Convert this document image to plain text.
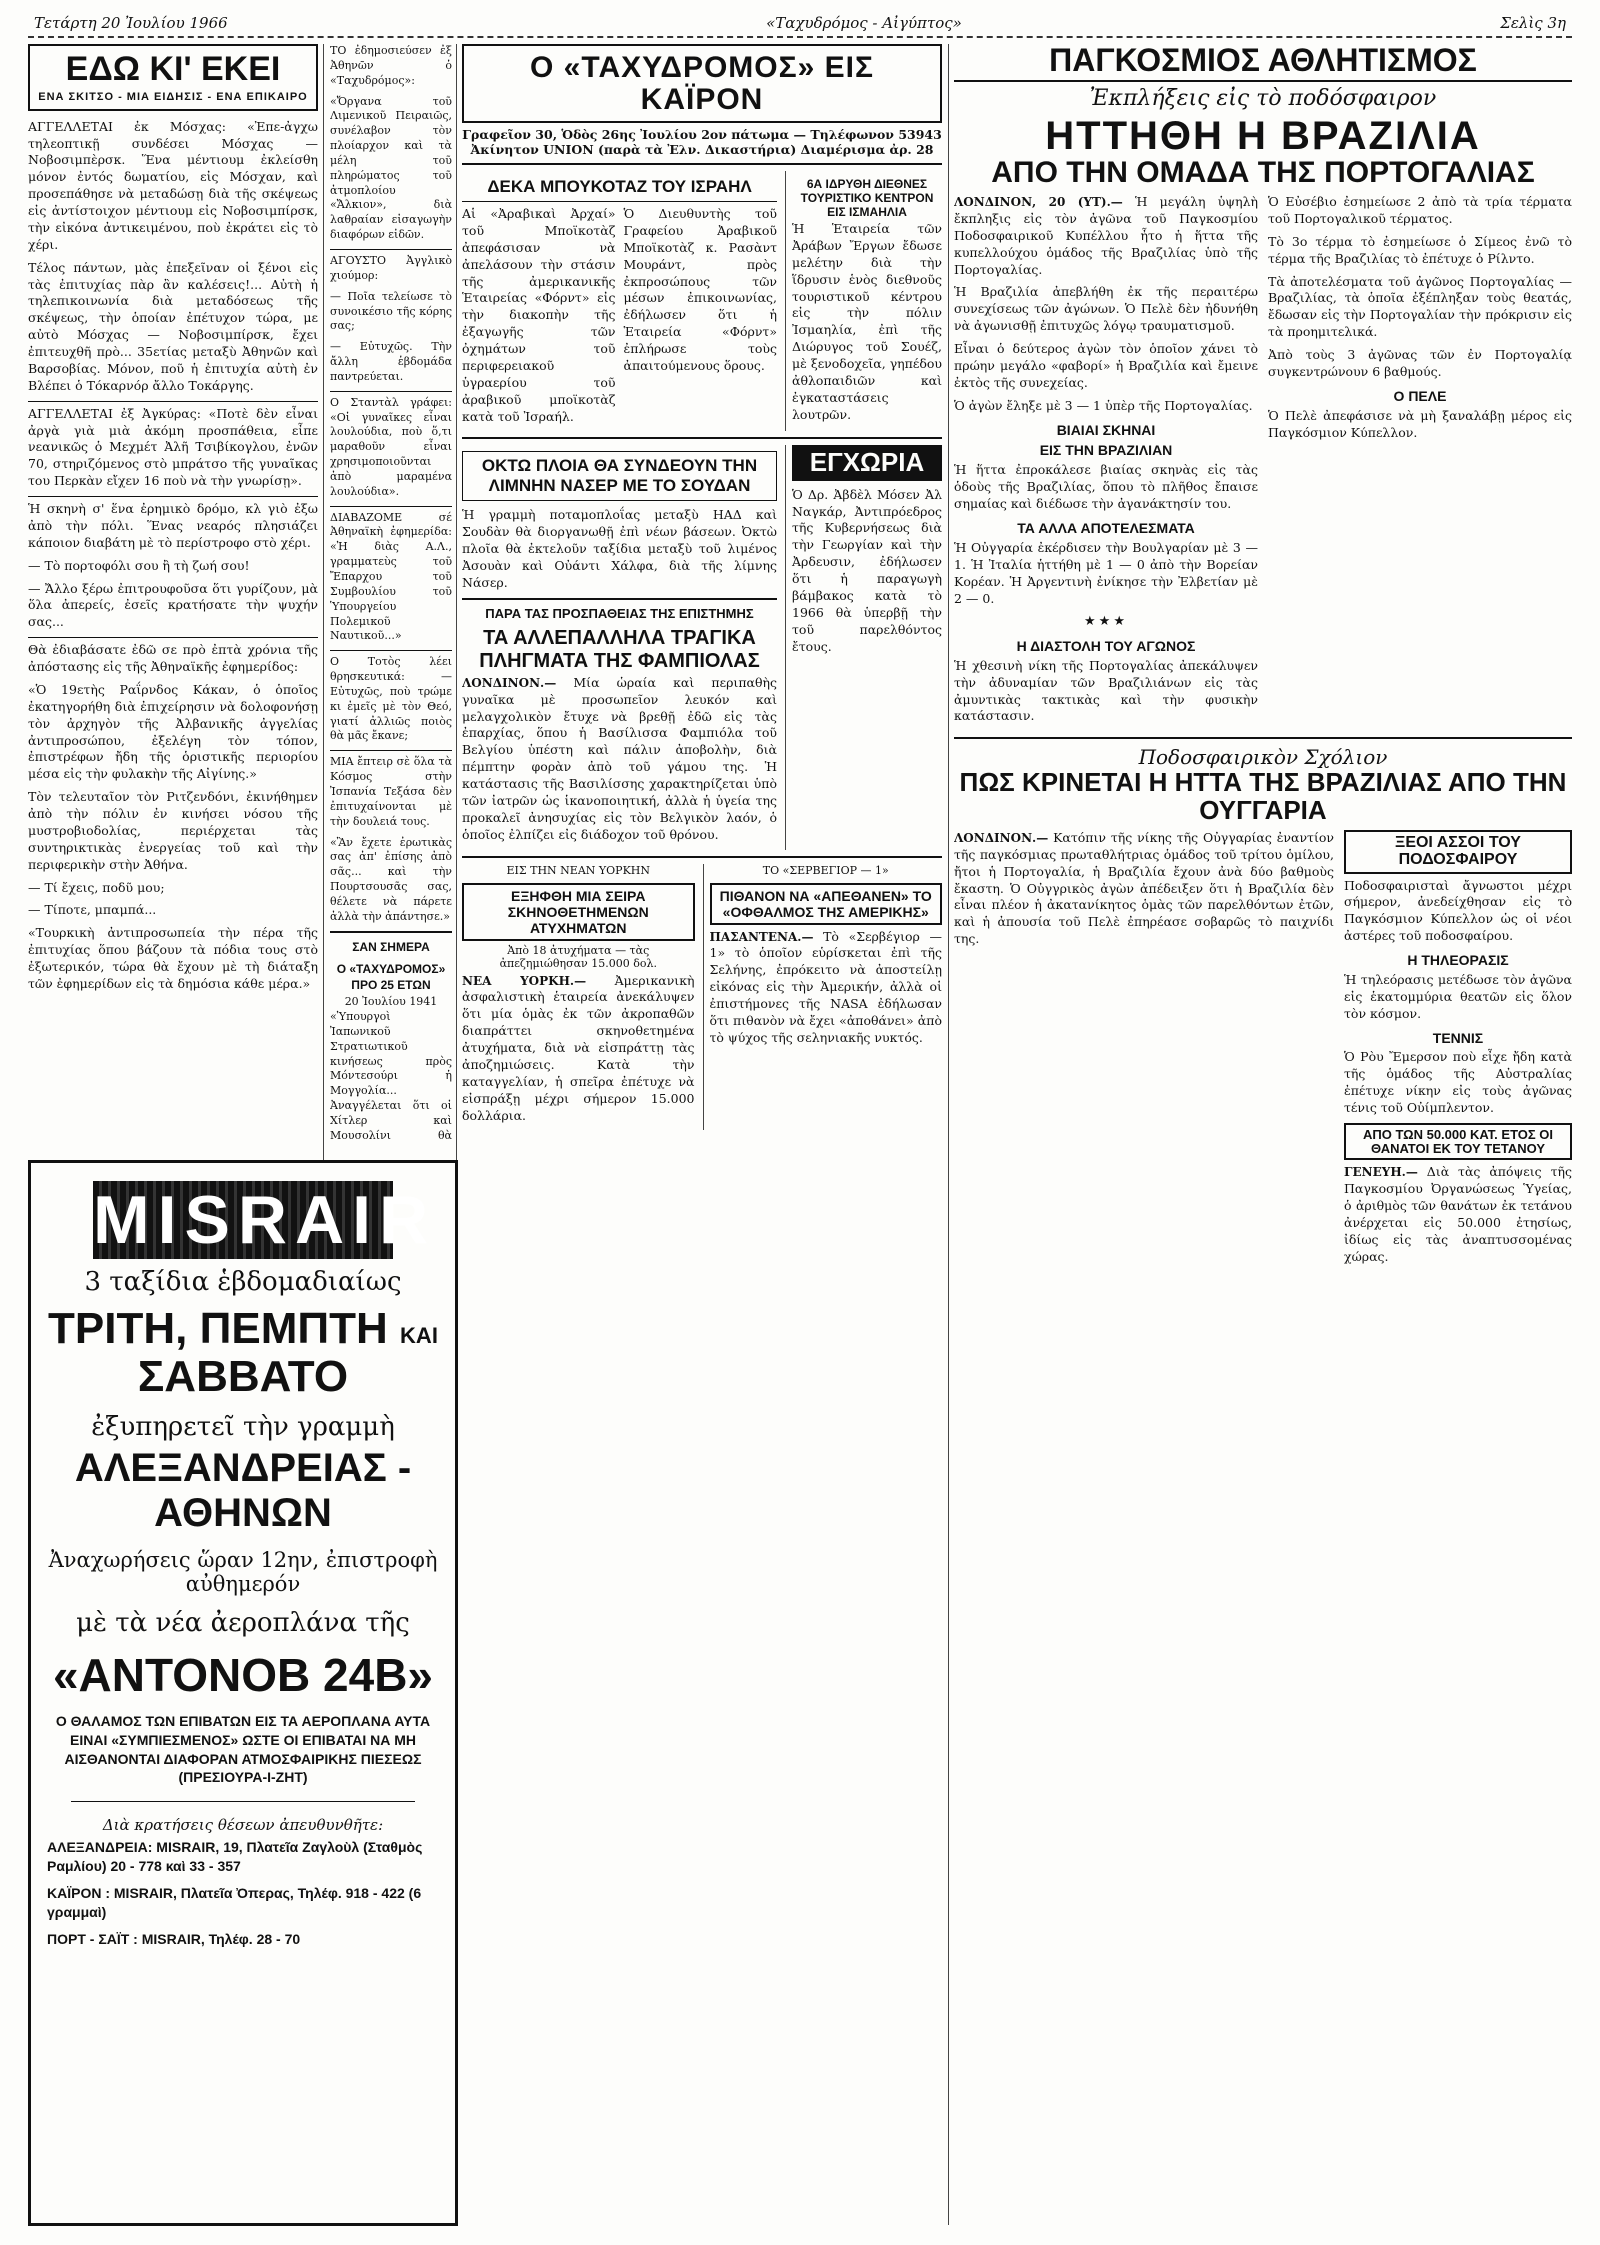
Τετάρτη 20 Ἰουλίου 1966	«Ταχυδρόμος - Αἰγύπτος»	Σελὶς 3η
ΕΔΩ ΚΙ' ΕΚΕΙ
ΕΝΑ ΣΚΙΤΣΟ - ΜΙΑ ΕΙΔΗΣΙΣ - ΕΝΑ ΕΠΙΚΑΙΡΟ

ΑΓΓΕΛΛΕΤΑΙ ἐκ Μόσχας: «Ἐπε-ἀγχω τηλεοπτικῇ συνδέσει Μόσχας — Νοβοσιμπὲρσκ. Ἕνα μέντιουμ ἐκλείσθη μόνον ἐντός δωματίου, εἰς Μόσχαν, καὶ προσεπάθησε νὰ μεταδώσῃ διὰ τῆς σκέψεως εἰς ἀντίστοιχον μέντιουμ εἰς Νοβοσιμπίρσκ, τὴν εἰκόνα ἀντικειμένου, ποὺ ἐκράτει εἰς τὸ χέρι.

Τέλος πάντων, μὰς ἐπεξεῖναν οἱ ξένοι εἰς τὰς ἐπιτυχίας πὰρ ἂν καλέσεις!... Αὐτὴ ἡ τηλεπικοινωνία διὰ μεταδόσεως τῆς σκέψεως, τὴν ὁποίαν ἐπέτυχον τώρα, με αὐτὸ Μόσχας — Νοβοσιμπίρσκ, ἔχει ἐπιτευχθῆ πρὸ... 35ετίας μεταξὺ Ἀθηνῶν καὶ Βαρσοβίας. Μόνον, ποῦ ἡ ἐπιτυχία αὐτὴ ἐν Βλέπει ὁ Τόκαρνόρ ἄλλο Τοκάργης.

ΑΓΓΕΛΛΕΤΑΙ ἐξ Ἀγκύρας: «Ποτὲ δὲν εἶναι ἀργὰ γιὰ μιὰ ἀκόμη προσπάθεια, εἶπε νεανικῶς ὁ Μεχμέτ Ἀλῆ Τσιβίκογλου, ἐνῶν 70, στηριζόμενος στὸ μπράτσο τῆς γυναῖκας του Περκὰν εἴχεν 16 ποὺ νὰ τὴν γνωρίσῃ».

Ἡ σκηνὴ σ' ἕνα ἐρημικὸ δρόμο, κλ γιὸ ἐξω ἀπὸ τὴν πόλι. Ἕνας νεαρός πλησιάζει κάποιον διαβάτη μὲ τὸ περίστροφο στὸ χέρι.

— Τὸ πορτοφόλι σου ἢ τὴ ζωή σου!

— Ἄλλο ξέρω ἐπιτρουφοῦσα ὅτι γυρίζουν, μὰ ὅλα ἀπερείς, ἐσεῖς κρατήσατε τὴν ψυχήν σας...

Θὰ ἐδιαβάσατε ἐδῶ σε πρὸ ἐπτὰ χρόνια τῆς ἀπόστασης εἰς τῆς Ἀθηναϊκῆς ἐφημερίδος:

«Ὁ 19ετὴς Ραΐρνδος Κάκαν, ὁ ὁποῖος ἐκατηγορήθη διὰ ἐπιχείρησιν νὰ δολοφονήσῃ τὸν ἀρχηγὸν τῆς Ἀλβανικῆς ἀγγελίας ἀντιπροσώπου, ἐξελέγη τὸν τόπον, ἐπιστρέφων ἤδη τῆς ὁριστικῆς περιορίου μέσα εἰς τὴν φυλακὴν τῆς Αἰγίνης.»

Τὸν τελευταῖον τὸν Ριτζενδόνι, ἐκινήθημεν ἀπὸ τὴν πόλιν ἐν κινήσει νόσου τῆς μυστροβιοδολίας, περιέρχεται τὰς συντηρικτικὰς ἐνεργείας τοῦ καὶ τὴν περιφερικὴν στὴν Ἀθήνα.

— Τί ἔχεις, ποδῦ μου;

— Τίποτε, μπαμπά...

«Τουρκικὴ ἀντιπροσωπεία τὴν πέρα τῆς ἐπιτυχίας ὅπου βάζουν τὰ πόδια τους στὸ ἐξωτερικόν, τώρα θὰ ἔχουν μὲ τὴ διάταξη τῶν ἐφημερίδων εἰς τὰ δημόσια κάθε μέρα.»

ΤΟ ἐδημοσιεύσεν ἐξ Ἀθηνῶν ὁ «Ταχυδρόμος»:

«Ὄργανα τοῦ Λιμενικοῦ Πειραιῶς, συνέλαβον τὸν πλοίαρχον καὶ τὰ μέλη τοῦ πληρώματος τοῦ ἀτμοπλοίου «Ἄλκιον», διὰ λαθραίαν εἰσαγωγὴν διαφόρων εἰδῶν.

ΑΓΟΥΣΤΟ Ἀγγλικὸ χιούμορ:

— Ποῖα τελείωσε τὸ συνοικέσιο τῆς κόρης σας;

— Εὐτυχῶς. Τὴν ἄλλη ἑβδομάδα παντρεύεται.

Ο Σταντὰλ γράφει: «Οἱ γυναῖκες εἶναι λουλούδια, ποὺ ὅ,τι μαραθοῦν εἶναι χρησιμοποιοῦνται ἀπὸ μαραμένα λουλούδια».

ΔΙΑΒΑΖΟΜΕ σέ Ἀθηναϊκὴ ἐφημερίδα: «Ἡ διὰς Α.Λ., γραμματεὺς τοῦ Ἔπαρχου τοῦ Συμβουλίου τοῦ Ὑπουργείου Πολεμικοῦ Ναυτικοῦ...»

Ο Τοτὸς λέει θρησκευτικά: — Εὐτυχῶς, ποὺ τρώμε κι ἐμεῖς μὲ τὸν Θεό, γιατί ἀλλιῶς ποιὸς θὰ μᾶς ἔκανε;

ΜΙΑ ἔπτειρ σὲ ὅλα τὰ Κόσμος στὴν Ἰσπανία Τεξάσα δὲν ἐπιτυχαίνονται μὲ τὴν δουλειά τους.

«Ἂν ἔχετε ἐρωτικὰς σας ἀπ' ἐπίσης ἀπὸ σᾶς... καὶ τὴν Πουρτσουσᾶς σας, θέλετε νὰ πάρετε ἀλλὰ τὴν ἀπάντησε.»

ΣΑΝ ΣΗΜΕΡΑ
Ο «ΤΑΧΥΔΡΟΜΟΣ» ΠΡΟ 25 ΕΤΩΝ
20 Ἰουλίου 1941

«Ὑπουργοὶ Ἰαπωνικοῦ Στρατιωτικοῦ κινήσεως πρὸς Μόντεσούρι ἡ Μογγολία... Ἀναγγέλεται ὅτι οἱ Χίτλερ καὶ Μουσολίνι θὰ

MISRAIR
3 ταξίδια ἑβδομαδιαίως
ΤΡΙΤΗ, ΠΕΜΠΤΗ ΚΑΙ ΣΑΒΒΑΤΟ
ἐξυπηρετεῖ τὴν γραμμὴ
ΑΛΕΞΑΝΔΡΕΙΑΣ - ΑΘΗΝΩΝ
Ἀναχωρήσεις ὥραν 12ην, ἐπιστροφὴ αὐθημερόν
μὲ τὰ νέα ἀεροπλάνα τῆς
«ΑΝΤΟΝΟΒ 24Β»
Ο ΘΑΛΑΜΟΣ ΤΩΝ ΕΠΙΒΑΤΩΝ ΕΙΣ ΤΑ ΑΕΡΟΠΛΑΝΑ ΑΥΤΑ ΕΙΝΑΙ «ΣΥΜΠΙΕΣΜΕΝΟΣ» ΩΣΤΕ ΟΙ ΕΠΙΒΑΤΑΙ ΝΑ ΜΗ ΑΙΣΘΑΝΟΝΤΑΙ ΔΙΑΦΟΡΑΝ ΑΤΜΟΣΦΑΙΡΙΚΗΣ ΠΙΕΣΕΩΣ (ΠΡΕΣΙΟΥΡΑ-Ι-ΖΗΤ)
Διὰ κρατήσεις θέσεων ἀπευθυνθῆτε:
ΑΛΕΞΑΝΔΡΕΙΑ: MISRAIR, 19, Πλατεῖα Ζαγλοὺλ (Σταθμὸς Ραμλίου) 20 - 778 καὶ 33 - 357
ΚΑΪΡΟΝ : MISRAIR, Πλατεῖα Ὀπερας, Τηλέφ. 918 - 422 (6 γραμμαὶ)
ΠΟΡΤ - ΣΑΪΤ : MISRAIR, Τηλέφ. 28 - 70
Ο «ΤΑΧΥΔΡΟΜΟΣ» ΕΙΣ ΚΑΪΡΟΝ
Γραφεῖον 30, Ὁδὸς 26ης Ἰουλίου 2ον πάτωμα — Τηλέφωνον 53943
Ἀκίνητον UNION (παρὰ τὰ Ἐλν. Δικαστήρια) Διαμέρισμα ἀρ. 28
ΔΕΚΑ ΜΠΟΥΚΟΤΑΖ ΤΟΥ ΙΣΡΑΗΛ

Αἱ «Ἀραβικαὶ Ἀρχαί» τοῦ Μποϊκοτὰζ ἀπεφάσισαν νὰ ἀπελάσουν τὴν στάσιν τῆς ἀμερικανικῆς Ἑταιρείας «Φόρντ» εἰς τὴν διακοπὴν τῆς ἐξαγωγῆς τῶν ὀχημάτων τοῦ περιφερειακοῦ ὑγραερίου τοῦ ἀραβικοῦ μποϊκοτὰζ κατὰ τοῦ Ἰσραήλ.

Ὁ Διευθυντὴς τοῦ Γραφείου Ἀραβικοῦ Μποϊκοτὰζ κ. Ρασὰντ Μουράντ, πρὸς ἐκπροσώπους τῶν μέσων ἐπικοινωνίας, ἐδήλωσεν ὅτι ἡ Ἑταιρεία «Φόρντ» ἐπλήρωσε τοὺς ἀπαιτούμενους ὅρους.

6Α ΙΔΡΥΘΗ ΔΙΕΘΝΕΣ ΤΟΥΡΙΣΤΙΚΟ ΚΕΝΤΡΟΝ ΕΙΣ ΙΣΜΑΗΛΙΑ

Ἡ Ἑταιρεία τῶν Ἀράβων Ἔργων ἔδωσε μελέτην διὰ τὴν ἵδρυσιν ἑνὸς διεθνοῦς τουριστικοῦ κέντρου εἰς τὴν πόλιν Ἰσμαηλία, ἐπὶ τῆς Διώρυγος τοῦ Σουέζ, μὲ ξενοδοχεῖα, γηπέδου ἀθλοπαιδιῶν καὶ ἐγκαταστάσεις λουτρῶν.

ΟΚΤΩ ΠΛΟΙΑ ΘΑ ΣΥΝΔΕΟΥΝ ΤΗΝ ΛΙΜΝΗΝ ΝΑΣΕΡ ΜΕ ΤΟ ΣΟΥΔΑΝ

Ἡ γραμμὴ ποταμοπλοΐας μεταξὺ ΗΑΔ καὶ Σουδὰν θὰ διοργανωθῇ ἐπὶ νέων βάσεων. Ὀκτὼ πλοῖα θὰ ἐκτελοῦν ταξίδια μεταξὺ τοῦ λιμένος Ἀσουὰν καὶ Οὐάντι Χάλφα, διὰ τῆς λίμνης Νάσερ.

ΠΑΡΑ ΤΑΣ ΠΡΟΣΠΑΘΕΙΑΣ ΤΗΣ ΕΠΙΣΤΗΜΗΣ
ΤΑ ΑΛΛΕΠΑΛΛΗΛΑ ΤΡΑΓΙΚΑ ΠΛΗΓΜΑΤΑ ΤΗΣ ΦΑΜΠΙΟΛΑΣ

ΛΟΝΔΙΝΟΝ.— Μία ὡραία καὶ περιπαθὴς γυναῖκα μὲ προσωπεῖον λευκόν καὶ μελαγχολικὸν ἔτυχε νὰ βρεθῇ ἐδῶ εἰς τὰς ἐπαρχίας, ὅπου ἡ Βασίλισσα Φαμπιόλα τοῦ Βελγίου ὑπέστη καὶ πάλιν ἀποβολὴν, διὰ πέμπτην φορὰν ἀπὸ τοῦ γάμου της. Ἡ κατάστασις τῆς Βασιλίσσης χαρακτηρίζεται ὑπὸ τῶν ἰατρῶν ὡς ἱκανοποιητική, ἀλλὰ ἡ ὑγεία της προκαλεῖ ἀνησυχίας εἰς τὸν Βελγικὸν λαόν, ὁ ὁποῖος ἐλπίζει εἰς διάδοχον τοῦ θρόνου.

ΕΓΧΩΡΙΑ

Ὁ Δρ. Ἀβδὲλ Μόσεν Ἀλ Ναγκάρ, Ἀντιπρόεδρος τῆς Κυβερνήσεως διὰ τὴν Γεωργίαν καὶ τὴν Ἀρδευσιν, ἐδήλωσεν ὅτι ἡ παραγωγὴ βάμβακος κατὰ τὸ 1966 θὰ ὑπερβῇ τὴν τοῦ παρελθόντος ἔτους.

ΕΙΣ ΤΗΝ ΝΕΑΝ ΥΟΡΚΗΝ
ΕΞΗΦΘΗ ΜΙΑ ΣΕΙΡΑ ΣΚΗΝΟΘΕΤΗΜΕΝΩΝ ΑΤΥΧΗΜΑΤΩΝ
Ἀπὸ 18 ἀτυχήματα — τὰς ἀπεζημιώθησαν 15.000 δολ.

ΝΕΑ ΥΟΡΚΗ.— Ἀμερικανικὴ ἀσφαλιστικὴ ἑταιρεία ἀνεκάλυψεν ὅτι μία ὁμὰς ἐκ τῶν ἀκροπαθῶν διαπράττει σκηνοθετημένα ἀτυχήματα, διὰ νὰ εἰσπράττῃ τὰς ἀποζημιώσεις. Κατὰ τὴν καταγγελίαν, ἡ σπεῖρα ἐπέτυχε νὰ εἰσπράξῃ μέχρι σήμερον 15.000 δολλάρια.

ΤΟ «ΣΕΡΒΕΓΙΟΡ — 1»
ΠΙΘΑΝΟΝ ΝΑ «ΑΠΕΘΑΝΕΝ» ΤΟ «ΟΦΘΑΛΜΟΣ ΤΗΣ ΑΜΕΡΙΚΗΣ»

ΠΑΣΑΝΤΕΝΑ.— Τὸ «Σερβέγιορ — 1» τὸ ὁποῖον εὑρίσκεται ἐπὶ τῆς Σελήνης, ἐπρόκειτο νὰ ἀποστείλῃ εἰκόνας εἰς τὴν Ἀμερικήν, ἀλλὰ οἱ ἐπιστήμονες τῆς NASA ἐδήλωσαν ὅτι πιθανὸν νὰ ἔχει «ἀποθάνει» ἀπὸ τὸ ψύχος τῆς σεληνιακῆς νυκτός.

ΠΑΓΚΟΣΜΙΟΣ ΑΘΛΗΤΙΣΜΟΣ
Ἐκπλήξεις εἰς τὸ ποδόσφαιρον
ΗΤΤΗΘΗ Η ΒΡΑΖΙΛΙΑ
ΑΠΟ ΤΗΝ ΟΜΑΔΑ ΤΗΣ ΠΟΡΤΟΓΑΛΙΑΣ

ΛΟΝΔΙΝΟΝ, 20 (ΥΤ).— Ἡ μεγάλη ὑψηλὴ ἔκπληξις εἰς τὸν ἀγῶνα τοῦ Παγκοσμίου Ποδοσφαιρικοῦ Κυπέλλου ἦτο ἡ ἥττα τῆς κυπελλούχου ὁμάδος τῆς Βραζιλίας ὑπὸ τῆς Πορτογαλίας.

Ἡ Βραζιλία ἀπεβλήθη ἐκ τῆς περαιτέρω συνεχίσεως τῶν ἀγώνων. Ὁ Πελὲ δὲν ἠδυνήθη νὰ ἀγωνισθῇ ἐπιτυχῶς λόγῳ τραυματισμοῦ.

Εἶναι ὁ δεύτερος ἀγὼν τὸν ὁποῖον χάνει τὸ πρώην μεγάλο «φαβορί» ἡ Βραζιλία καὶ ἔμεινε ἐκτὸς τῆς συνεχείας.

Ὁ ἀγὼν ἔληξε μὲ 3 — 1 ὑπὲρ τῆς Πορτογαλίας.

ΒΙΑΙΑΙ ΣΚΗΝΑΙ
ΕΙΣ ΤΗΝ ΒΡΑΖΙΛΙΑΝ

Ἡ ἥττα ἐπροκάλεσε βιαίας σκηνὰς εἰς τὰς ὁδοὺς τῆς Βραζιλίας, ὅπου τὸ πλῆθος ἔπαισε σημαίας καὶ διέδωσε τὴν ἀγανάκτησίν του.

ΤΑ ΑΛΛΑ ΑΠΟΤΕΛΕΣΜΑΤΑ

Ἡ Οὐγγαρία ἐκέρδισεν τὴν Βουλγαρίαν μὲ 3 — 1. Ἡ Ἰταλία ἡττήθη μὲ 1 — 0 ἀπὸ τὴν Βορείαν Κορέαν. Ἡ Ἀργεντινὴ ἐνίκησε τὴν Ἐλβετίαν μὲ 2 — 0.

★★★
Η ΔΙΑΣΤΟΛΗ ΤΟΥ ΑΓΩΝΟΣ

Ἡ χθεσινὴ νίκη τῆς Πορτογαλίας ἀπεκάλυψεν τὴν ἀδυναμίαν τῶν Βραζιλιάνων εἰς τὰς ἀμυντικὰς τακτικὰς καὶ τὴν φυσικὴν κατάστασιν.

Ὁ Εὐσέβιο ἐσημείωσε 2 ἀπὸ τὰ τρία τέρματα τοῦ Πορτογαλικοῦ τέρματος.

Τὸ 3ο τέρμα τὸ ἐσημείωσε ὁ Σίμεος ἐνῶ τὸ τέρμα τῆς Βραζιλίας τὸ ἐπέτυχε ὁ Ρίλντο.

Τὰ ἀποτελέσματα τοῦ ἀγῶνος Πορτογαλίας — Βραζιλίας, τὰ ὁποῖα ἐξέπληξαν τοὺς θεατάς, ἔδωσαν εἰς τὴν Πορτογαλίαν τὴν πρόκρισιν εἰς τὰ προημιτελικά.

Ἀπὸ τοὺς 3 ἀγῶνας τῶν ἐν Πορτογαλίᾳ συγκεντρώνουν 6 βαθμούς.

Ο ΠΕΛΕ

Ὁ Πελὲ ἀπεφάσισε νὰ μὴ ξαναλάβῃ μέρος εἰς Παγκόσμιον Κύπελλον.

Ποδοσφαιρικὸν Σχόλιον
ΠΩΣ ΚΡΙΝΕΤΑΙ Η ΗΤΤΑ ΤΗΣ ΒΡΑΖΙΛΙΑΣ ΑΠΟ ΤΗΝ ΟΥΓΓΑΡΙΑ

ΛΟΝΔΙΝΟΝ.— Κατόπιν τῆς νίκης τῆς Οὐγγαρίας ἐναντίον τῆς παγκόσμιας πρωταθλήτριας ὁμάδος τοῦ τρίτου ὁμίλου, ἤτοι ἡ Πορτογαλία, ἡ Βραζιλία ἔχουν ἀνὰ δύο βαθμοὺς ἔκαστη. Ὁ Οὐγγρικὸς ἀγὼν ἀπέδειξεν ὅτι ἡ Βραζιλία δὲν εἶναι πλέον ἡ ἀκατανίκητος ὁμὰς τῶν παρελθόντων ἐτῶν, καὶ ἡ ἀπουσία τοῦ Πελὲ ἐπηρέασε σοβαρῶς τὸ παιχνίδι της.

ΞΕΟΙ ΑΣΣΟΙ ΤΟΥ ΠΟΔΟΣΦΑΙΡΟΥ

Ποδοσφαιρισταὶ ἄγνωστοι μέχρι σήμερον, ἀνεδείχθησαν εἰς τὸ Παγκόσμιον Κύπελλον ὡς οἱ νέοι ἀστέρες τοῦ ποδοσφαίρου.

Η ΤΗΛΕΟΡΑΣΙΣ

Ἡ τηλεόρασις μετέδωσε τὸν ἀγῶνα εἰς ἑκατομμύρια θεατῶν εἰς ὅλον τὸν κόσμον.

ΤΕΝΝΙΣ

Ὁ Ρὸυ Ἔμερσον ποὺ εἶχε ἤδη κατὰ τῆς ὁμάδος τῆς Αὐστραλίας ἐπέτυχε νίκην εἰς τοὺς ἀγῶνας τένις τοῦ Οὐίμπλεντον.

ΑΠΟ ΤΩΝ 50.000 ΚΑΤ. ΕΤΟΣ ΟΙ ΘΑΝΑΤΟΙ ΕΚ ΤΟΥ ΤΕΤΑΝΟΥ

ΓΕΝΕΥΗ.— Διὰ τὰς ἀπόψεις τῆς Παγκοσμίου Ὀργανώσεως Ὑγείας, ὁ ἀριθμὸς τῶν θανάτων ἐκ τετάνου ἀνέρχεται εἰς 50.000 ἐτησίως, ἰδίως εἰς τὰς ἀναπτυσσομένας χώρας.
